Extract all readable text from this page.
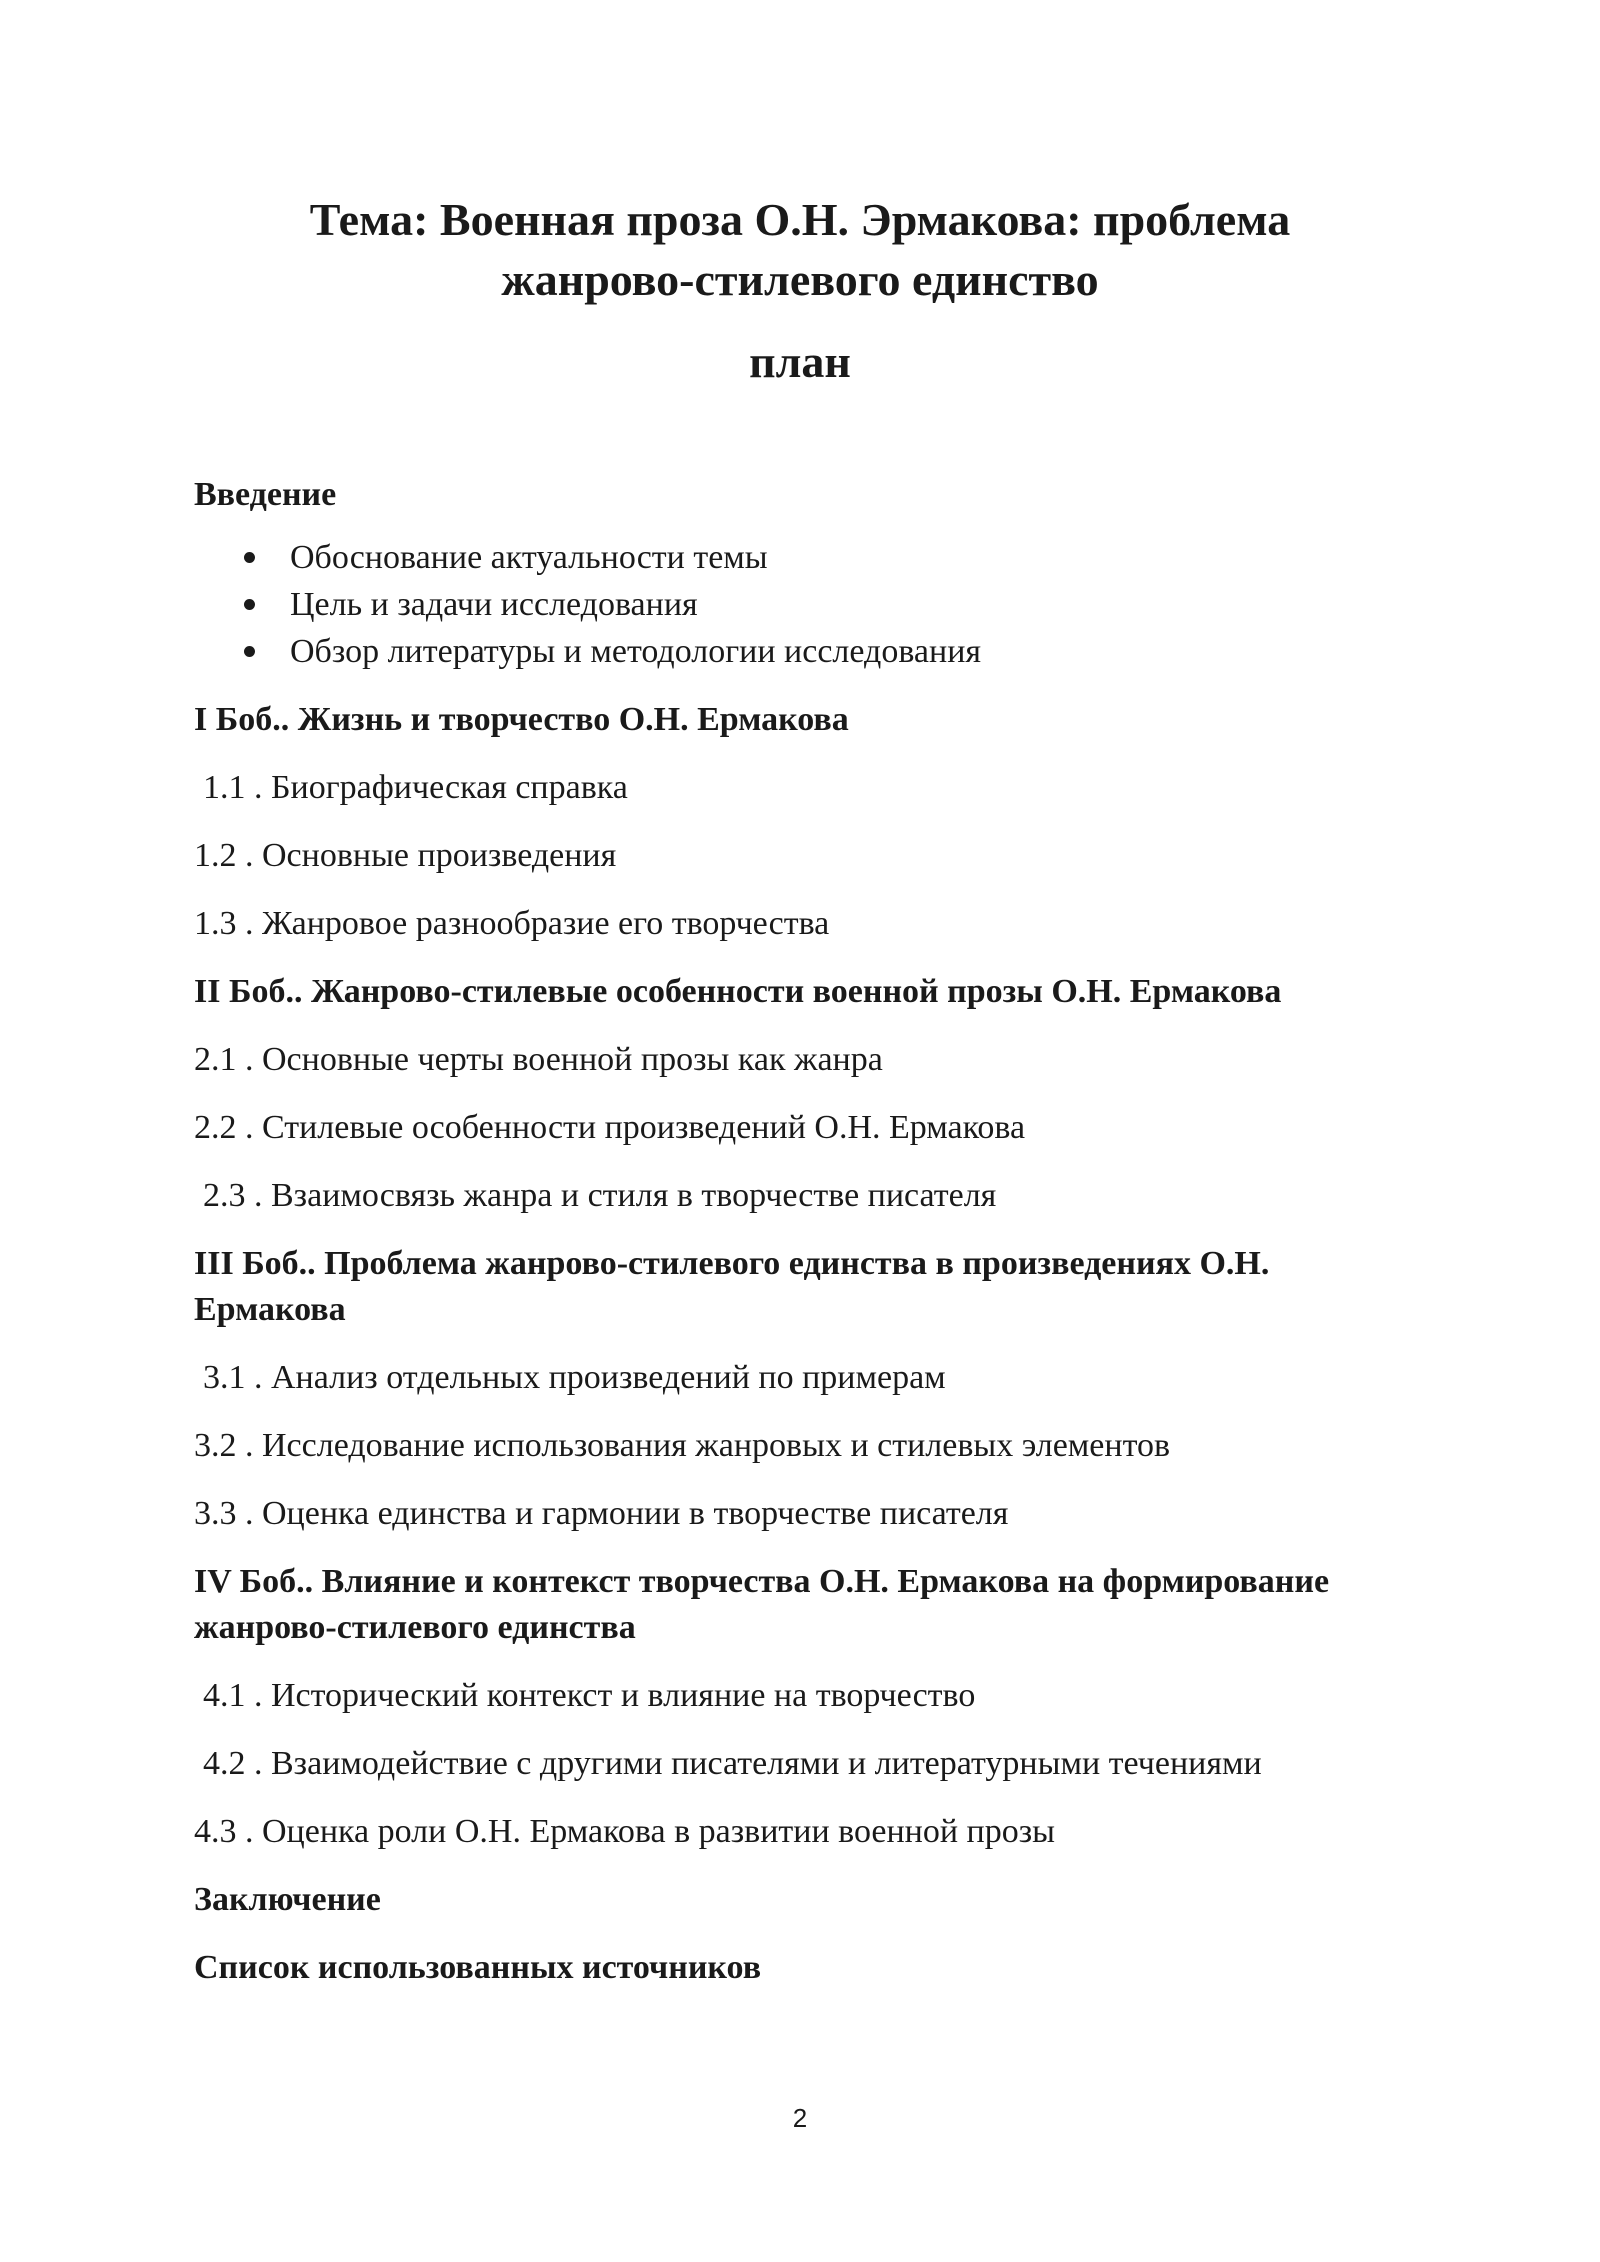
Тема: Военная проза О.Н. Эрмакова: проблема

жанрово-стилевого единство

план

Введение

Обоснование актуальности темы
Цель и задачи исследования
Обзор литературы и методологии исследования

I Боб.. Жизнь и творчество О.Н. Ермакова

1.1 . Биографическая справка

1.2 . Основные произведения

1.3 . Жанровое разнообразие его творчества

II Боб.. Жанрово-стилевые особенности военной прозы О.Н. Ермакова

2.1 . Основные черты военной прозы как жанра

2.2 . Стилевые особенности произведений О.Н. Ермакова

2.3 . Взаимосвязь жанра и стиля в творчестве писателя

III Боб.. Проблема жанрово-стилевого единства в произведениях О.Н. Ермакова

3.1 . Анализ отдельных произведений по примерам

3.2 . Исследование использования жанровых и стилевых элементов

3.3 . Оценка единства и гармонии в творчестве писателя

IV Боб.. Влияние и контекст творчества О.Н. Ермакова на формирование жанрово-стилевого единства

4.1 . Исторический контекст и влияние на творчество

4.2 . Взаимодействие с другими писателями и литературными течениями

4.3 . Оценка роли О.Н. Ермакова в развитии военной прозы

Заключение

Список использованных источников

2
